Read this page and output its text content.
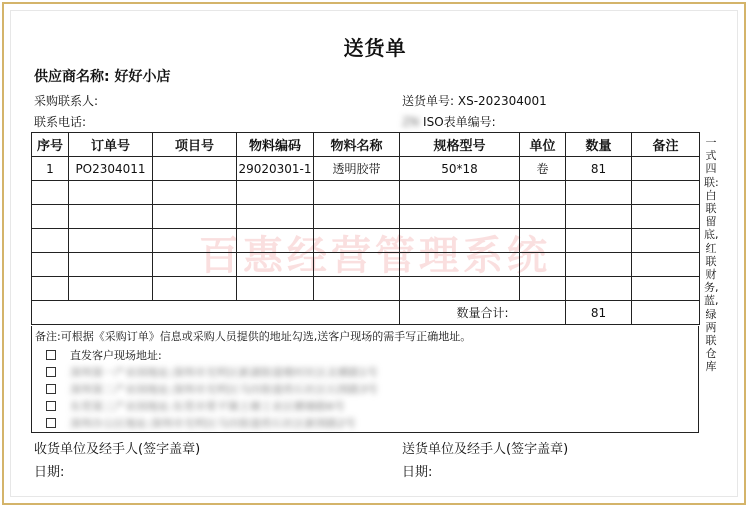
百惠经营管理系统
送货单
供应商名称: 好好小店
采购联系人:
联系电话:
送货单号: XS-202304001
ZN ISO表单编号:
序号	订单号	项目号	物料编码	物料名称	规格型号	单位	数量	备注
1	PO2304011		29020301-1	透明胶带	50*18	卷	81	

					数量合计:		81	
备注:可根据《采购订单》信息或采购人员提供的地址勾选,送客户现场的需手写正确地址。
直发客户现场地址:
深圳第一产业园地址:深圳市光明区新湖街道楼村社区北横路1号
深圳第二产业园地址:深圳市光明区马田街道将石社区石围路3号
东莞第三产业园地址:东莞市常平镇土塘工业区横塘路6号
深圳办公区地址:深圳市光明区马田街道将石社区新围路2号
一式四联:白联留底,红联财务,蓝,绿两联仓库
收货单位及经手人(签字盖章)
日期:
送货单位及经手人(签字盖章)
日期:
